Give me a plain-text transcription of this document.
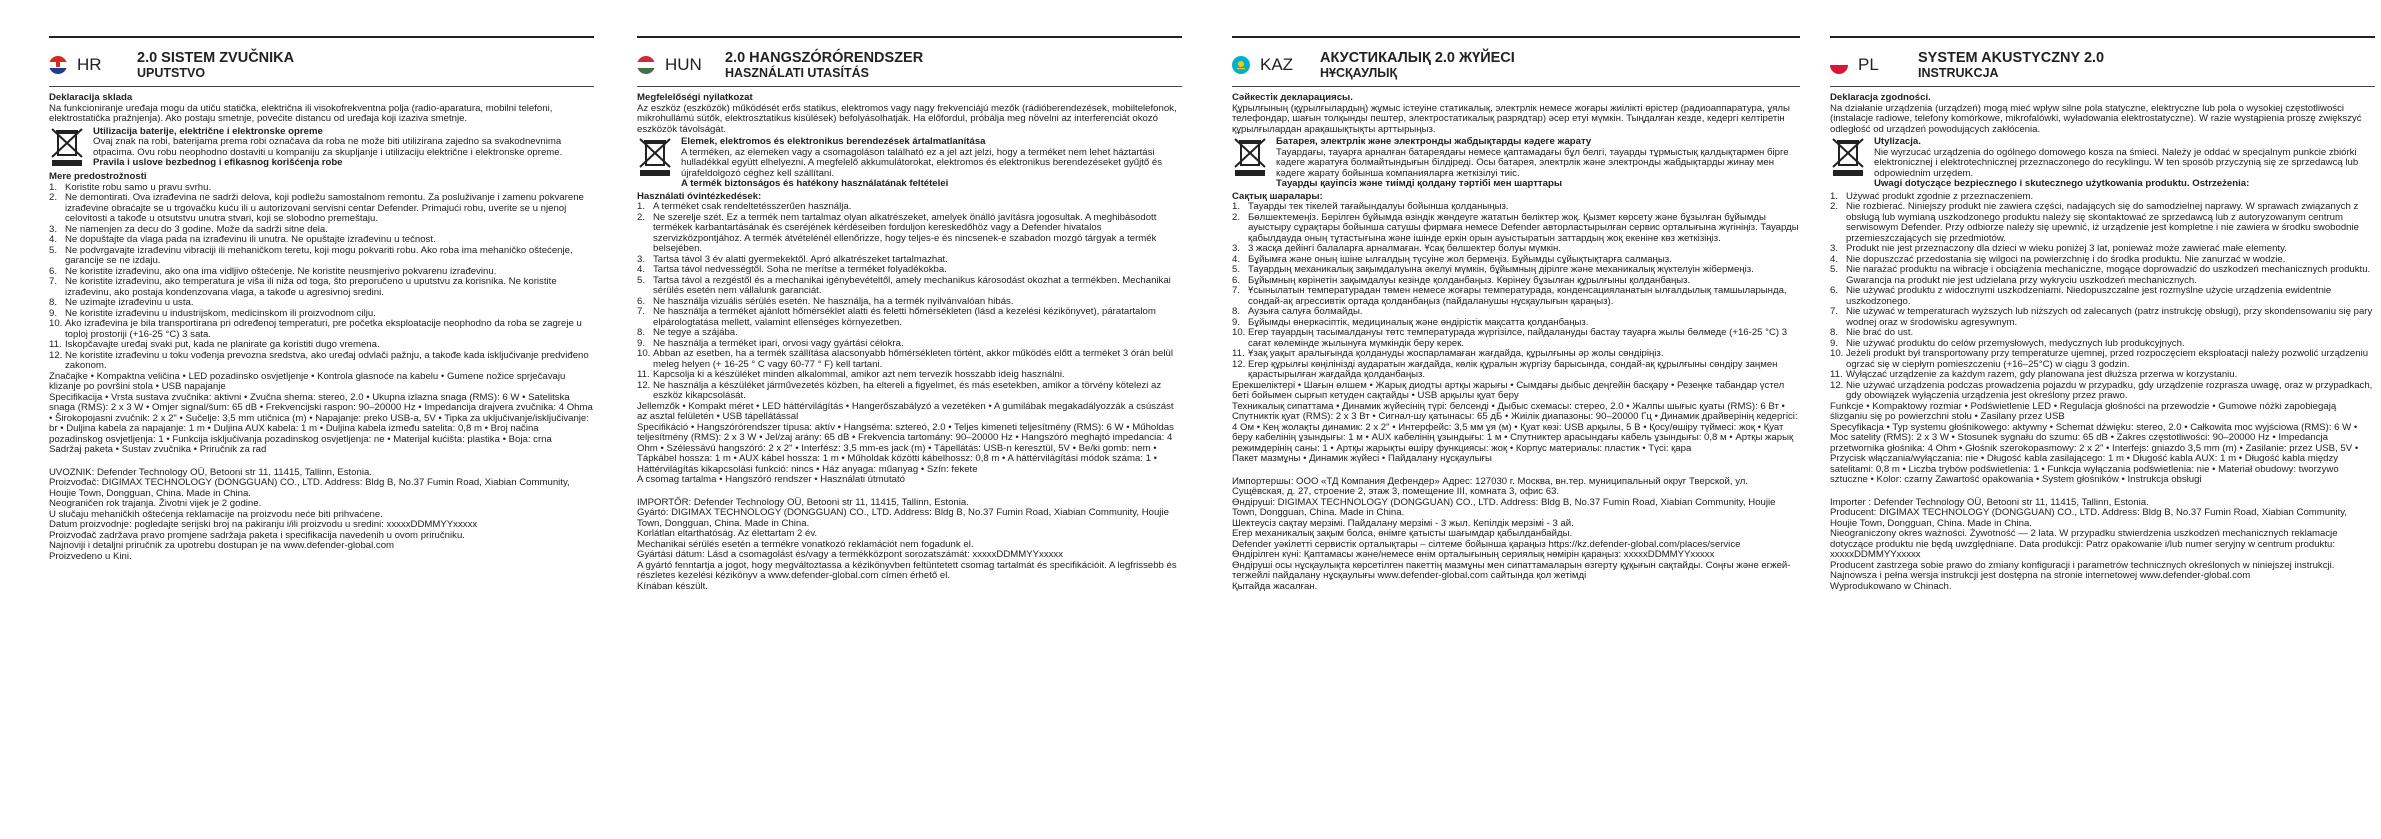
HR	2.0 SISTEM ZVUČNIKA
UPUTSTVO

Deklaracija sklada

Na funkcioniranje uređaja mogu da utiču statička, električna ili visokofrekventna polja (radio-aparatura, mobilni telefoni, elektrostatička pražnjenja). Ako postaju smetnje, povećite distancu od uređaja koji izaziva smetnje.

Utilizacija baterije, električne i elektronske opreme

Ovaj znak na robi, bateriјama prema robi označava da roba ne može biti utilizirana zajedno sa svakodnevnima otpacima. Ovu robu neophodno dostaviti u kompaniju za skupljanje i utilizaciju električne i elektronske opreme.

Pravila i uslove bezbednog i efikasnog korišćenja robe

Mere predostrožnosti

1. Koristite robu samo u pravu svrhu.
2. Ne demontirati. Ova izrađevina ne sadrži delova, koji podležu samostalnom remontu. Za posluživanje i zamenu pokvarene izrađevine obraćajte se u trgovačku kuću ili u autorizovani servisni centar Defender. Primajući robu, uverite se u njenoj celovitosti a takođe u otsutstvu unutra stvari, koji se slobodno premeštaju.
3. Ne namenjen za decu do 3 godine. Može da sadrži sitne dela.
4. Ne dopuštajte da vlaga pada na izrađevinu ili unutra. Ne opuštajte izrađevinu u tečnost.
5. Ne podvrgavajte izrađevinu vibraciji ili mehaničkom teretu, koji mogu pokvariti robu. Ako roba ima mehaničko oštećenje, garancije se ne izdaju.
6. Ne koristite izrađevinu, ako ona ima vidljivo oštećenje. Ne koristite neusmjerivo pokvarenu izrađevinu.
7. Ne koristite izrađevinu, ako temperatura je viša ili niža od toga, što preporučeno u uputstvu za korisnika. Ne koristite izrađevinu, ako postaja kondenzovana vlaga, a takođe u agresivnoj sredini.
8. Ne uzimajte izrađevinu u usta.
9. Ne koristite izrađevinu u industrijskom, medicinskom ili proizvodnom cilju.
10. Ako izrađevina je bila transportirana pri određenoj temperaturi, pre početka eksploatacije neophodno da roba se zagreje u toploj prostoriji (+16-25 °C) 3 sata.
11. Iskopčavajte uređaj svaki put, kada ne planirate ga koristiti dugo vremena.
12. Ne koristite izrađevinu u toku vođenja prevozna sredstva, ako uređaj odvlači pažnju, a takođe kada isključivanje predviđeno zakonom.

Značajke • Kompaktna veličina • LED pozadinsko osvjetljenje • Kontrola glasnoće na kabelu • Gumene nožice sprječavaju klizanje po površini stola • USB napajanje

Specifikacija • Vrsta sustava zvučnika: aktivni • Zvučna shema: stereo, 2.0 • Ukupna izlazna snaga (RMS): 6 W • Satelitska snaga (RMS): 2 x 3 W • Omjer signal/šum: 65 dB • Frekvencijski raspon: 90–20000 Hz • Impedancija drajvera zvučnika: 4 Ohma • Širokopojasni zvučnik: 2 x 2" • Sučelje: 3,5 mm utičnica (m) • Napajanje: preko USB-a, 5V • Tipka za uključivanje/isključivanje: br • Duljina kabela za napajanje: 1 m • Duljina AUX kabela: 1 m • Duljina kabela između satelita: 0,8 m • Broj načina pozadinskog osvjetljenja: 1 • Funkcija isključivanja pozadinskog osvjetljenja: ne • Materijal kućišta: plastika • Boja: crna

Sadržaj paketa • Sustav zvučnika • Priručnik za rad

UVOZNIK: Defender Technology OÜ, Betooni str 11, 11415, Tallinn, Estonia.

Proizvođač: DIGIMAX TECHNOLOGY (DONGGUAN) CO., LTD. Address: Bldg B, No.37 Fumin Road, Xiabian Community, Houjie Town, Dongguan, China. Made in China.

Neograničen rok trajanja. Životni vijek je 2 godine.

U slučaju mehaničkih oštećenja reklamacije na proizvodu neće biti prihvaćene.

Datum proizvodnje: pogledajte serijski broj na pakiranju i/ili proizvodu u sredini: xxxxxDDMMYYxxxxx

Proizvođač zadržava pravo promjene sadržaja paketa i specifikacija navedenih u ovom priručniku.

Najnoviji i detaljni priručnik za upotrebu dostupan je na www.defender-global.com

Proizvedeno u Kini.

HUN	2.0 HANGSZÓRÓRENDSZER
HASZNÁLATI UTASÍTÁS

Megfelelőségi nyilatkozat

Az eszköz (eszközök) működését erős statikus, elektromos vagy nagy frekvenciájú mezők (rádióberendezések, mobiltelefonok, mikrohullámú sütők, elektrosztatikus kisülések) befolyásolhatják. Ha előfordul, próbálja meg növelni az interferenciát okozó eszközök távolságát.

Elemek, elektromos és elektronikus berendezések ártalmatlanítása

A terméken, az elemeken vagy a csomagoláson található ez a jel azt jelzi, hogy a terméket nem lehet háztartási hulladékkal együtt elhelyezni. A megfelelő akkumulátorokat, elektromos és elektronikus berendezéseket gyűjtő és újrafeldolgozó céghez kell szállítani.

A termék biztonságos és hatékony használatának feltételei

Használati óvintézkedések:

1. A terméket csak rendeltetésszerűen használja.
2. Ne szerelje szét. Ez a termék nem tartalmaz olyan alkatrészeket, amelyek önálló javításra jogosultak. A meghibásodott termékek karbantartásának és cseréjének kérdéseiben forduljon kereskedőhöz vagy a Defender hivatalos szervizközpontjához. A termék átvételénél ellenőrizze, hogy teljes-e és nincsenek-e szabadon mozgó tárgyak a termék belsejében.
3. Tartsa távol 3 év alatti gyermekektől. Apró alkatrészeket tartalmazhat.
4. Tartsa távol nedvességtől. Soha ne merítse a terméket folyadékokba.
5. Tartsa távol a rezgéstől és a mechanikai igénybevételtől, amely mechanikus károsodást okozhat a termékben. Mechanikai sérülés esetén nem vállalunk garanciát.
6. Ne használja vizuális sérülés esetén. Ne használja, ha a termék nyilvánvalóan hibás.
7. Ne használja a terméket ajánlott hőmérséklet alatti és feletti hőmérsékleten (lásd a kezelési kézikönyvet), páratartalom elpárologtatása mellett, valamint ellenséges környezetben.
8. Ne tegye a szájába.
9. Ne használja a terméket ipari, orvosi vagy gyártási célokra.
10. Abban az esetben, ha a termék szállítása alacsonyabb hőmérsékleten történt, akkor működés előtt a terméket 3 órán belül meleg helyen (+ 16-25 ° C vagy 60-77 ° F) kell tartani.
11. Kapcsolja ki a készüléket minden alkalommal, amikor azt nem tervezik hosszabb ideig használni.
12. Ne használja a készüléket járművezetés közben, ha eltereli a figyelmet, és más esetekben, amikor a törvény kötelezi az eszköz kikapcsolását.

Jellemzők • Kompakt méret • LED háttérvilágítás • Hangerőszabályzó a vezetéken • A gumilábak megakadályozzák a csúszást az asztal felületén • USB tápellátással

Specifikáció • Hangszórórendszer típusa: aktív • Hangséma: sztereó, 2.0 • Teljes kimeneti teljesítmény (RMS): 6 W • Műholdas teljesítmény (RMS): 2 x 3 W • Jel/zaj arány: 65 dB • Frekvencia tartomány: 90–20000 Hz • Hangszóró meghajtó impedancia: 4 Ohm • Szélessávú hangszóró: 2 x 2" • Interfész: 3,5 mm-es jack (m) • Tápellátás: USB-n keresztül, 5V • Be/ki gomb: nem • Tápkábel hossza: 1 m • AUX kábel hossza: 1 m • Műholdak közötti kábelhossz: 0,8 m • A háttérvilágítási módok száma: 1 • Háttérvilágítás kikapcsolási funkció: nincs • Ház anyaga: műanyag • Szín: fekete

A csomag tartalma • Hangszóró rendszer • Használati útmutató

IMPORTŐR: Defender Technology OÜ, Betooni str 11, 11415, Tallinn, Estonia.

Gyártó: DIGIMAX TECHNOLOGY (DONGGUAN) CO., LTD. Address: Bldg B, No.37 Fumin Road, Xiabian Community, Houjie Town, Dongguan, China. Made in China.

Korlátlan eltarthatóság. Az élettartam 2 év.

Mechanikai sérülés esetén a termékre vonatkozó reklamációt nem fogadunk el.

Gyártási dátum: Lásd a csomagolást és/vagy a termékközpont sorozatszámát: xxxxxDDMMYYxxxxx

A gyártó fenntartja a jogot, hogy megváltoztassa a kézikönyvben feltüntetett csomag tartalmát és specifikációit. A legfrissebb és részletes kezelési kézikönyv a www.defender-global.com címen érhető el.

Kínában készült.

KAZ	АКУСТИКАЛЫҚ 2.0 ЖҮЙЕСІ
НҰСҚАУЛЫҚ

Сәйкестік декларациясы.

Құрылғының (құрылғылардың) жұмыс істеуіне статикалық, электрлік немесе жоғары жиілікті өрістер (радиоаппаратура, ұялы телефондар, шағын толқынды пештер, электростатикалық разрядтар) әсер етуі мүмкін. Тыңдалған кезде, кедергі келтіретін құрылғылардан арақашықтықты арттырыңыз.

Батарея, электрлік және электронды жабдықтарды кәдеге жарату

Тауардағы, тауарға арналған батареядағы немесе қаптамадағы бұл белгі, тауарды тұрмыстық қалдықтармен бірге кәдеге жаратуға болмайтындығын білдіреді. Осы батарея, электрлік және электронды жабдықтарды жинау мен кәдеге жарату бойынша компанияларға жеткізілуі тиіс.

Тауарды қауіпсіз және тиімді қолдану тәртібі мен шарттары

Сақтық шаралары:

1. Тауарды тек тікелей тағайындалуы бойынша қолданыңыз.
2. Бөлшектемеңіз. Берілген бұйымда өзіндік жөндеуге жататын бөліктер жоқ. Қызмет көрсету және бұзылған бұйымды ауыстыру сұрақтары бойынша сатушы фирмаға немесе Defender авторластырылған сервис орталығына жүгініңіз. Тауарды қабылдауда оның тұтастығына және ішінде еркін орын ауыстыратын заттардың жоқ екеніне көз жеткізіңіз.
3. 3 жасқа дейінгі балаларға арналмаған. Ұсақ бөлшектер болуы мүмкін.
4. Бұйымға және оның ішіне ылғалдың түсуіне жол бермеңіз. Бұйымды сұйықтықтарға салмаңыз.
5. Тауардың механикалық зақымдалуына әкелуі мүмкін, бұйымның дірілге және механикалық жүктелуін жібермеңіз.
6. Бұйымның көрінетін зақымдалуы кезінде қолданбаңыз. Көрінеу бұзылған құрылғыны қолданбаңыз.
7. Ұсынылатын температурадан төмен немесе жоғары температурада, конденсацияланатын ылғалдылық тамшыларында, сондай-ақ агрессивтік ортада қолданбаңыз (пайдаланушы нұсқаулығын қараңыз).
8. Аузыға салуға болмайды.
9. Бұйымды өнеркәсіптік, медициналық және өндірістік мақсатта қолданбаңыз.
10. Егер тауардың тасымалдануы төтс температурада жүргізілсе, пайдалануды бастау тауарға жылы бөлмеде (+16-25 °С) 3 сағат көлемінде жылынуға мүмкіндік беру керек.
11. Ұзақ уақыт аралығында қолдануды жоспарламаған жағдайда, құрылғыны әр жолы сөндіріңіз.
12. Егер құрылғы көңілінізді аударатын жағдайда, көлік құралын жүргізу барысында, сондай-ақ құрылғыны сөндіру заңмен қарастырылған жағдайда қолданбаңыз.

Ерекшеліктері • Шағын өлшем • Жарық диодты артқы жарығы • Сымдағы дыбыс деңгейін басқару • Резеңке табандар үстел беті бойымен сырғып кетуден сақтайды • USB арқылы қуат беру

Техникалық сипаттама • Динамик жүйесінің түрі: белсенді • Дыбыс схемасы: стерео, 2.0 • Жалпы шығыс қуаты (RMS): 6 Вт • Спутниктік қуат (RMS): 2 x 3 Вт • Сигнал-шу қатынасы: 65 дБ • Жиілік диапазоны: 90–20000 Гц • Динамик драйверінің кедергісі: 4 Ом • Кең жолақты динамик: 2 x 2" • Интерфейс: 3,5 мм ұя (м) • Қуат көзі: USB арқылы, 5 В • Қосу/өшіру түймесі: жоқ • Қуат беру кабелінің ұзындығы: 1 м • AUX кабелінің ұзындығы: 1 м • Спутниктер арасындағы кабель ұзындығы: 0,8 м • Артқы жарық режимдерінің саны: 1 • Артқы жарықты өшіру функциясы: жоқ • Корпус материалы: пластик • Түсі: қара

Пакет мазмұны • Динамик жүйесі • Пайдалану нұсқаулығы

Импортершы: ООО «ТД Компания Дефендер» Адрес: 127030 г. Москва, вн.тер. муниципальный округ Тверской, ул. Сущёвская, д. 27, строение 2, этаж 3, помещение III, комната 3, офис 63.

Өндіруші: DIGIMAX TECHNOLOGY (DONGGUAN) CO., LTD. Address: Bldg B, No.37 Fumin Road, Xiabian Community, Houjie Town, Dongguan, China. Made in China.

Шектеусіз сақтау мерзімі. Пайдалану мерзімі - 3 жыл. Кепілдік мерзімі - 3 ай.

Егер механикалық зақым болса, өнімге қатысты шағымдар қабылданбайды.

Defender уәкілетті сервистік орталықтары – сілтеме бойынша қараңыз https://kz.defender-global.com/places/service

Өндірілген күні: Қаптамасы және/немесе өнім орталығының сериялық нөмірін қараңыз: xxxxxDDMMYYxxxxx

Өндіруші осы нұсқаулықта көрсетілген пакеттің мазмұны мен сипаттамаларын өзгерту құқығын сақтайды. Соңғы және егжей-тегжейлі пайдалану нұсқаулығы www.defender-global.com сайтында қол жетімді

Қытайда жасалған.

PL	SYSTEM AKUSTYCZNY 2.0
INSTRUKCJA

Deklaracja zgodności.

Na działanie urządzenia (urządzeń) mogą mieć wpływ silne pola statyczne, elektryczne lub pola o wysokiej częstotliwości (instalacje radiowe, telefony komórkowe, mikrofalówki, wyładowania elektrostatyczne). W razie wystąpienia proszę zwiększyć odległość od urządzeń powodujących zakłócenia.

Utylizacja.

Nie wyrzucać urządzenia do ogólnego domowego kosza na śmieci. Należy je oddać w specjalnym punkcie zbiórki elektronicznej i elektrotechnicznej przeznaczonego do recyklingu. W ten sposób przyczynią się ze sprzedawcą lub odpowiednim urzędem.

Uwagi dotyczące bezpiecznego i skutecznego użytkowania produktu. Ostrzeżenia:

1. Używać produkt zgodnie z przeznaczeniem.
2. Nie rozbierać. Niniejszy produkt nie zawiera części, nadających się do samodzielnej naprawy. W sprawach związanych z obsługą lub wymianą uszkodzonego produktu należy się skontaktować ze sprzedawcą lub z autoryzowanym centrum serwisowym Defender. Przy odbiorze należy się upewnić, iż urządzenie jest kompletne i nie zawiera w środku swobodnie przemieszczających się przedmiotów.
3. Produkt nie jest przeznaczony dla dzieci w wieku poniżej 3 lat, ponieważ może zawierać małe elementy.
4. Nie dopuszczać przedostania się wilgoci na powierzchnię i do środka produktu. Nie zanurzać w wodzie.
5. Nie narażać produktu na wibracje i obciążenia mechaniczne, mogące doprowadzić do uszkodzeń mechanicznych produktu. Gwarancja na produkt nie jest udzielana przy wykryciu uszkodzeń mechanicznych.
6. Nie używać produktu z widocznymi uszkodzeniami. Niedopuszczalne jest rozmyślne użycie urządzenia ewidentnie uszkodzonego.
7. Nie używać w temperaturach wyższych lub niższych od zalecanych (patrz instrukcję obsługi), przy skondensowaniu się pary wodnej oraz w środowisku agresywnym.
8. Nie brać do ust.
9. Nie używać produktu do celów przemysłowych, medycznych lub produkcyjnych.
10. Jeżeli produkt był transportowany przy temperaturze ujemnej, przed rozpoczęciem eksploatacji należy pozwolić urządzeniu ogrzać się w ciepłym pomieszczeniu (+16–25°C) w ciągu 3 godzin.
11. Wyłączać urządzenie za każdym razem, gdy planowana jest dłuższa przerwa w korzystaniu.
12. Nie używać urządzenia podczas prowadzenia pojazdu w przypadku, gdy urządzenie rozprasza uwagę, oraz w przypadkach, gdy obowiązek wyłączenia urządzenia jest określony przez prawo.

Funkcje • Kompaktowy rozmiar • Podświetlenie LED • Regulacja głośności na przewodzie • Gumowe nóżki zapobiegają ślizganiu się po powierzchni stołu • Zasilany przez USB

Specyfikacja • Typ systemu głośnikowego: aktywny • Schemat dźwięku: stereo, 2.0 • Całkowita moc wyjściowa (RMS): 6 W • Moc satelity (RMS): 2 x 3 W • Stosunek sygnału do szumu: 65 dB • Zakres częstotliwości: 90–20000 Hz • Impedancja przetwornika głośnika: 4 Ohm • Głośnik szerokopasmowy: 2 x 2" • Interfejs: gniazdo 3,5 mm (m) • Zasilanie: przez USB, 5V • Przycisk włączania/wyłączania: nie • Długość kabla zasilającego: 1 m • Długość kabla AUX: 1 m • Długość kabla między satelitami: 0,8 m • Liczba trybów podświetlenia: 1 • Funkcja wyłączania podświetlenia: nie • Materiał obudowy: tworzywo sztuczne • Kolor: czarny Zawartość opakowania • System głośników • Instrukcja obsługi

Importer : Defender Technology OÜ, Betooni str 11, 11415, Tallinn, Estonia.

Producent: DIGIMAX TECHNOLOGY (DONGGUAN) CO., LTD. Address: Bldg B, No.37 Fumin Road, Xiabian Community, Houjie Town, Dongguan, China. Made in China.

Nieograniczony okres ważności. Żywotność — 2 lata. W przypadku stwierdzenia uszkodzeń mechanicznych reklamacje dotyczące produktu nie będą uwzględniane. Data produkcji: Patrz opakowanie i/lub numer seryjny w centrum produktu: xxxxxDDMMYYxxxxx

Producent zastrzega sobie prawo do zmiany konfiguracji i parametrów technicznych określonych w niniejszej instrukcji. Najnowsza i pełna wersja instrukcji jest dostępna na stronie internetowej www.defender-global.com

Wyprodukowano w Chinach.
